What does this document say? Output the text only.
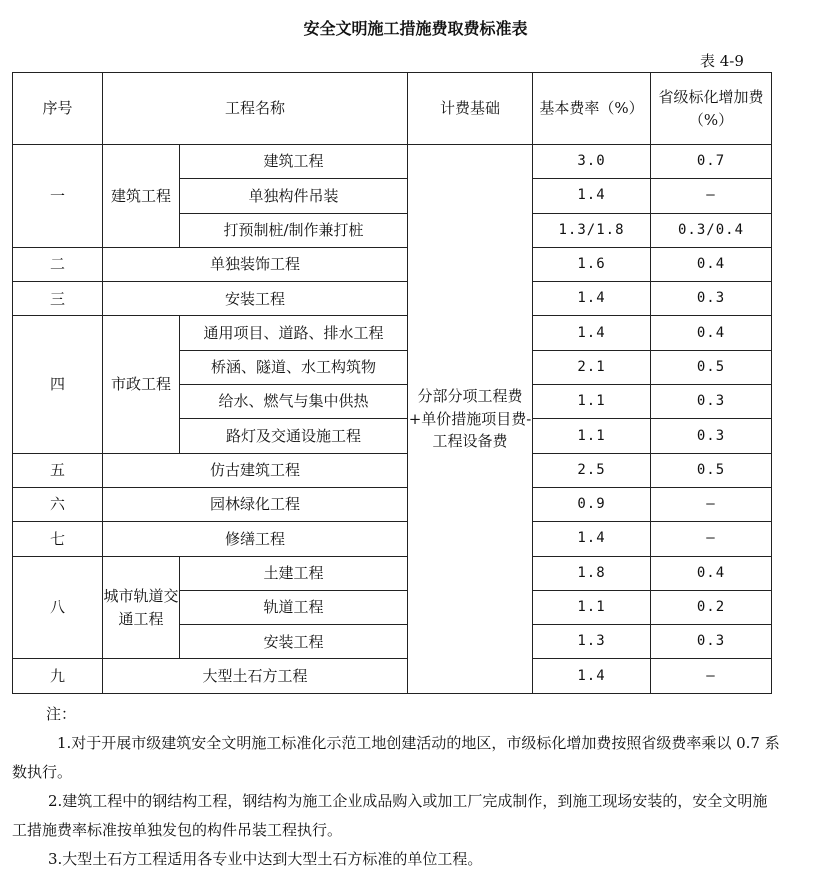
安全文明施工措施费取费标准表
表 4-9
序号	工程名称		计费基础	基本费率（%）	省级标化增加费（%）
一	建筑工程	建筑工程	分部分项工程费+单价措施项目费-工程设备费	3.0	0.7
		单独构件吊装		1.4	—
		打预制桩/制作兼打桩		1.3/1.8	0.3/0.4
二	单独装饰工程			1.6	0.4
三	安装工程			1.4	0.3
四	市政工程	通用项目、道路、排水工程		1.4	0.4
		桥涵、隧道、水工构筑物		2.1	0.5
		给水、燃气与集中供热		1.1	0.3
		路灯及交通设施工程		1.1	0.3
五	仿古建筑工程			2.5	0.5
六	园林绿化工程			0.9	—
七	修缮工程			1.4	—
八	城市轨道交通工程	土建工程		1.8	0.4
		轨道工程		1.1	0.2
		安装工程		1.3	0.3
九	大型土石方工程			1.4	—

注：

1.对于开展市级建筑安全文明施工标准化示范工地创建活动的地区，市级标化增加费按照省级费率乘以 0.7 系数执行。

2.建筑工程中的钢结构工程，钢结构为施工企业成品购入或加工厂完成制作，到施工现场安装的，安全文明施工措施费率标准按单独发包的构件吊装工程执行。

3.大型土石方工程适用各专业中达到大型土石方标准的单位工程。
